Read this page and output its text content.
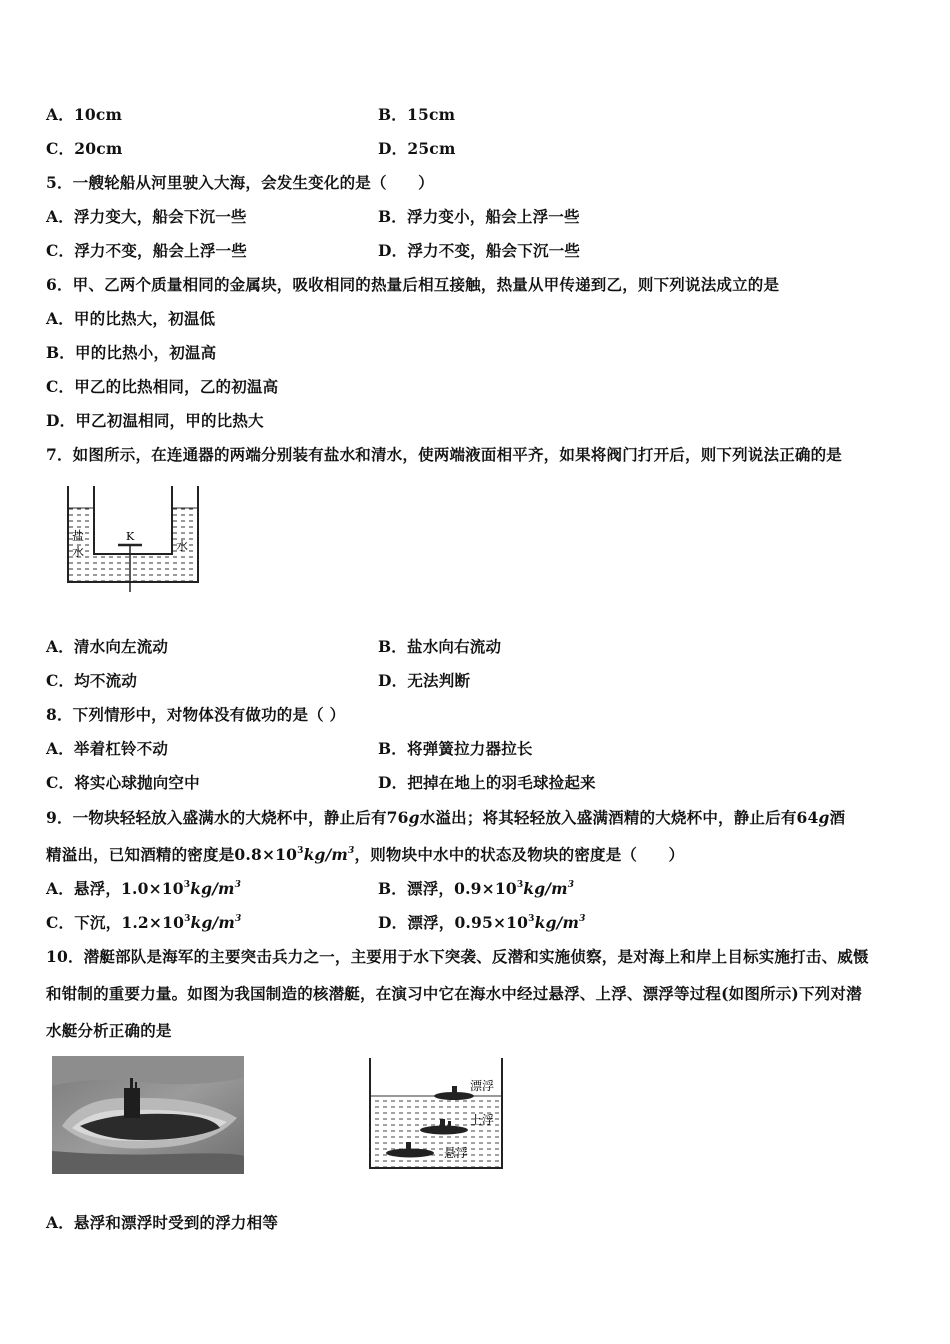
A．10cm	B．15cm
C．20cm	D．25cm
5．一艘轮船从河里驶入大海，会发生变化的是（　　）
A．浮力变大，船会下沉一些	B．浮力变小，船会上浮一些
C．浮力不变，船会上浮一些	D．浮力不变，船会下沉一些
6．甲、乙两个质量相同的金属块，吸收相同的热量后相互接触，热量从甲传递到乙，则下列说法成立的是
A．甲的比热大，初温低
B．甲的比热小，初温高
C．甲乙的比热相同，乙的初温高
D．甲乙初温相同，甲的比热大
7．如图所示，在连通器的两端分别装有盐水和清水，使两端液面相平齐，如果将阀门打开后，则下列说法正确的是
K
盐
水	水
A．清水向左流动	B．盐水向右流动
C．均不流动	D．无法判断
8．下列情形中，对物体没有做功的是（ ）
A．举着杠铃不动	B．将弹簧拉力器拉长
C．将实心球抛向空中	D．把掉在地上的羽毛球捡起来
9．一物块轻轻放入盛满水的大烧杯中，静止后有76g水溢出；将其轻轻放入盛满酒精的大烧杯中，静止后有64g酒
精溢出，已知酒精的密度是$0.8\times 10^3kg/m^3$，则物块中水中的状态及物块的密度是（　　）
A．悬浮，$1.0\times 10^3kg/m^3$	B．漂浮，$0.9\times 10^3kg/m^3$
C．下沉，$1.2\times 10^3kg/m^3$	D．漂浮，$0.95\times 10^3kg/m^3$
10．潜艇部队是海军的主要突击兵力之一，主要用于水下突袭、反潜和实施侦察，是对海上和岸上目标实施打击、威慑
和钳制的重要力量。如图为我国制造的核潜艇，在演习中它在海水中经过悬浮、上浮、漂浮等过程(如图所示)下列对潜
水艇分析正确的是
漂浮
上浮
悬浮
A．悬浮和漂浮时受到的浮力相等
